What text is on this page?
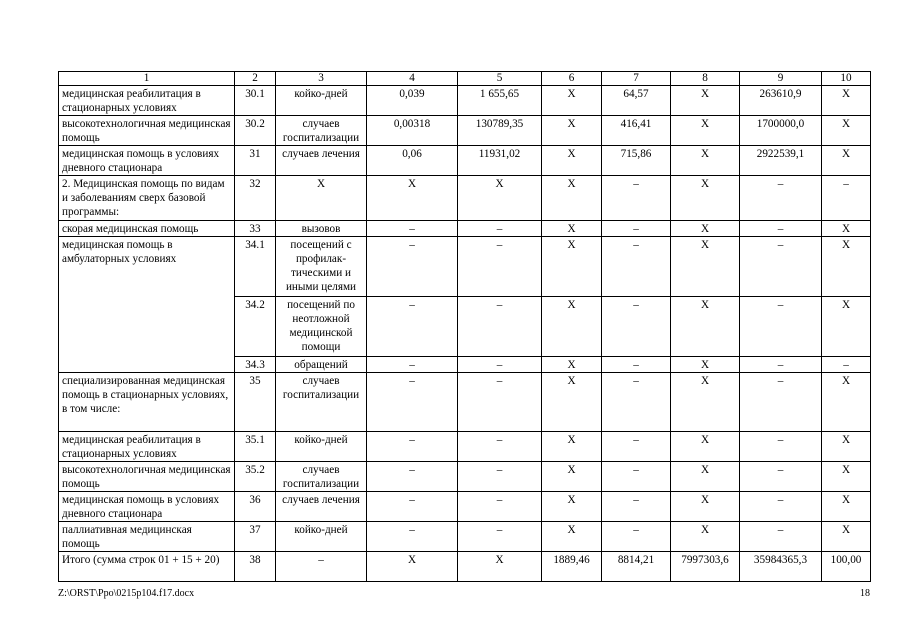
1	2	3	4	5	6	7	8	9	10
медицинская реабилитация в стационарных условиях	30.1	койко-дней	0,039	1 655,65	Х	64,57	Х	263610,9	Х
высокотехнологичная медицинская помощь	30.2	случаев госпитализации	0,00318	130789,35	Х	416,41	Х	1700000,0	Х
медицинская помощь в условиях дневного стационара	31	случаев лечения	0,06	11931,02	Х	715,86	Х	2922539,1	Х
2. Медицинская помощь по видам и заболеваниям сверх базовой программы:	32	Х	Х	Х	Х	–	Х	–	–
скорая медицинская помощь	33	вызовов	–	–	Х	–	Х	–	Х
медицинская помощь в амбулаторных условиях	34.1	посещений с профилак-тическими и иными целями	–	–	Х	–	Х	–	Х
	34.2	посещений по неотложной медицинской помощи	–	–	Х	–	Х	–	Х
	34.3	обращений	–	–	Х	–	Х	–	–
специализированная медицинская помощь в стационарных условиях, в том числе:	35	случаев госпитализации	–	–	Х	–	Х	–	Х
медицинская реабилитация в стационарных условиях	35.1	койко-дней	–	–	Х	–	Х	–	Х
высокотехнологичная медицинская помощь	35.2	случаев госпитализации	–	–	Х	–	Х	–	Х
медицинская помощь в условиях дневного стационара	36	случаев лечения	–	–	Х	–	Х	–	Х
паллиативная медицинская помощь	37	койко-дней	–	–	Х	–	Х	–	Х
Итого (сумма строк 01 + 15 + 20)	38	–	Х	Х	1889,46	8814,21	7997303,6	35984365,3	100,00
Z:\ORST\Ppo\0215p104.f17.docx	18
